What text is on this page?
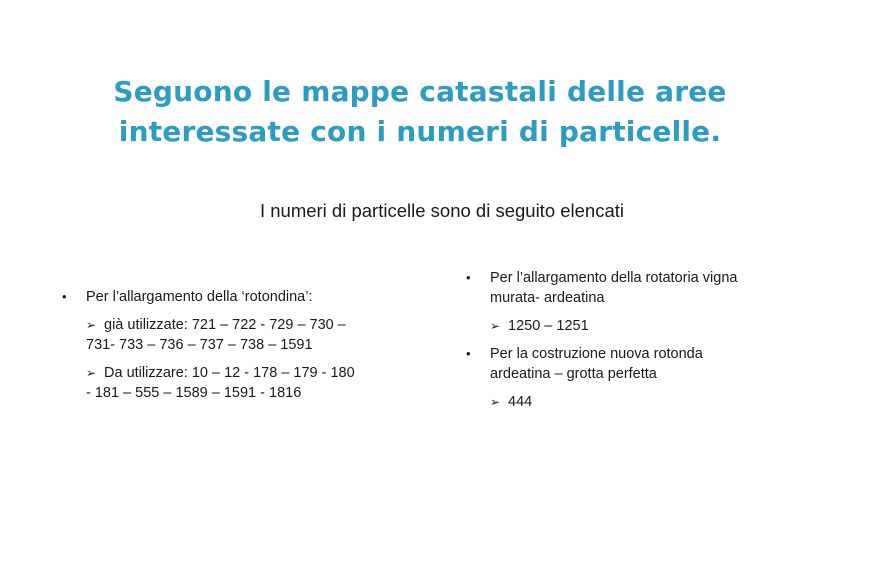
Seguono le mappe catastali delle aree
interessate con i numeri di particelle.
I numeri di particelle sono di seguito elencati
• Per l’allargamento della ‘rotondina’:
➢ già utilizzate: 721 – 722 - 729 – 730 –
731- 733 – 736 – 737 – 738 – 1591
➢ Da utilizzare: 10 – 12 - 178 – 179 - 180
- 181 – 555 – 1589 – 1591 - 1816
• Per l’allargamento della rotatoria vigna
murata- ardeatina
➢ 1250 – 1251
• Per la costruzione nuova rotonda
ardeatina – grotta perfetta
➢ 444
